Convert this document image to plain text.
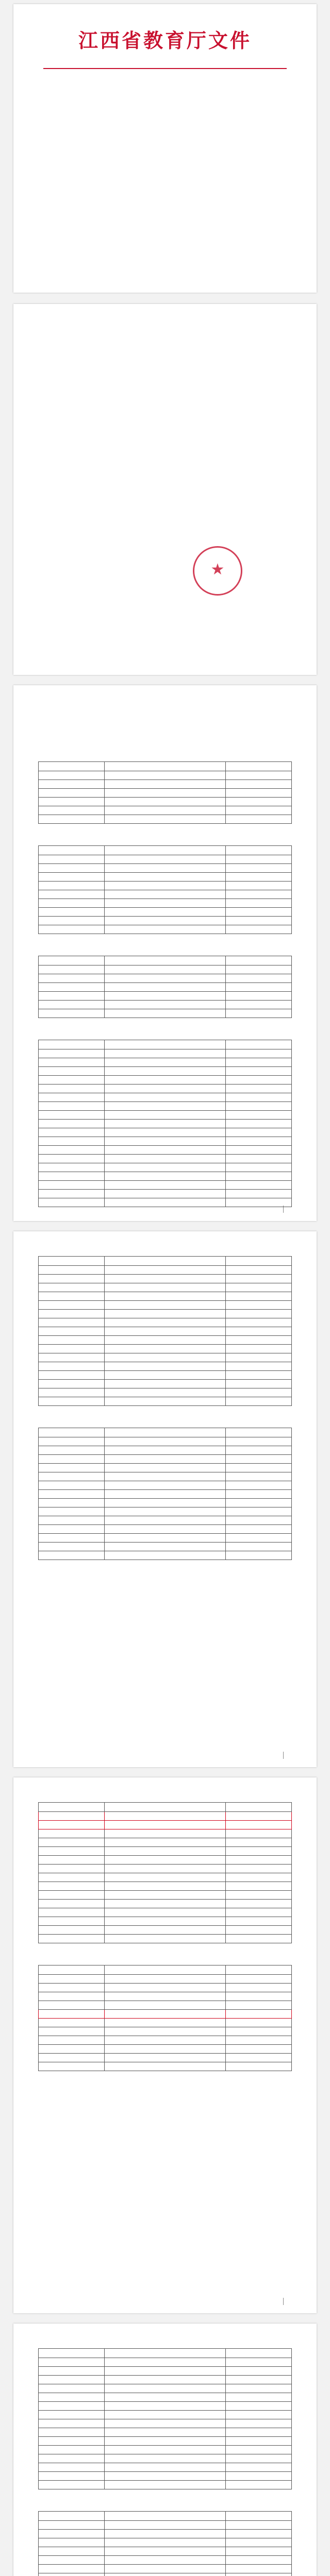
江西省教育厅文件
★
